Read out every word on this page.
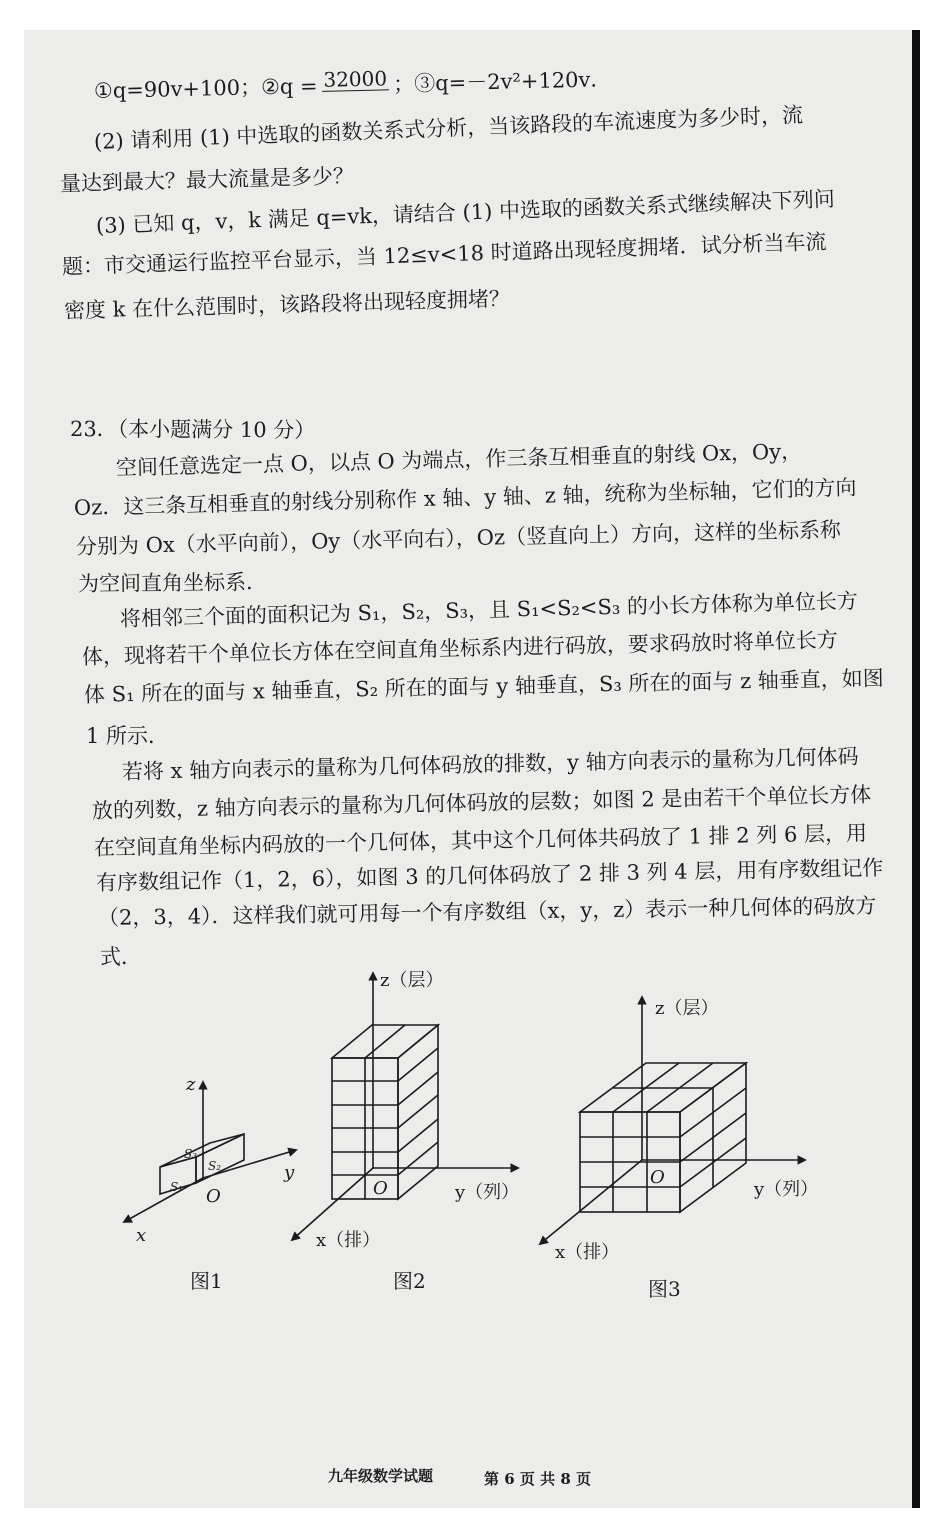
①q=90v+100；②q = 32000 ；③q=－2v²+120v．
(2) 请利用 (1) 中选取的函数关系式分析，当该路段的车流速度为多少时，流
量达到最大？最大流量是多少？
(3) 已知 q，v，k 满足 q=vk，请结合 (1) 中选取的函数关系式继续解决下列问
题：市交通运行监控平台显示，当 12≤v<18 时道路出现轻度拥堵．试分析当车流
密度 k 在什么范围时，该路段将出现轻度拥堵？
23．（本小题满分 10 分）
空间任意选定一点 O，以点 O 为端点，作三条互相垂直的射线 Ox，Oy，
Oz．这三条互相垂直的射线分别称作 x 轴、y 轴、z 轴，统称为坐标轴，它们的方向
分别为 Ox（水平向前），Oy（水平向右），Oz（竖直向上）方向，这样的坐标系称
为空间直角坐标系．
将相邻三个面的面积记为 S₁，S₂，S₃，且 S₁<S₂<S₃ 的小长方体称为单位长方
体，现将若干个单位长方体在空间直角坐标系内进行码放，要求码放时将单位长方
体 S₁ 所在的面与 x 轴垂直，S₂ 所在的面与 y 轴垂直，S₃ 所在的面与 z 轴垂直，如图
1 所示．
若将 x 轴方向表示的量称为几何体码放的排数，y 轴方向表示的量称为几何体码
放的列数，z 轴方向表示的量称为几何体码放的层数；如图 2 是由若干个单位长方体
在空间直角坐标内码放的一个几何体，其中这个几何体共码放了 1 排 2 列 6 层，用
有序数组记作（1，2，6），如图 3 的几何体码放了 2 排 3 列 4 层，用有序数组记作
（2，3，4）．这样我们就可用每一个有序数组（x，y，z）表示一种几何体的码放方
式．
z
y
x
O
S₁
S₂
S₃
z（层）
y（列）
x（排）
O
z（层）
y（列）
x（排）
O
图1	图2	图3
九年级数学试题	第 6 页 共 8 页
